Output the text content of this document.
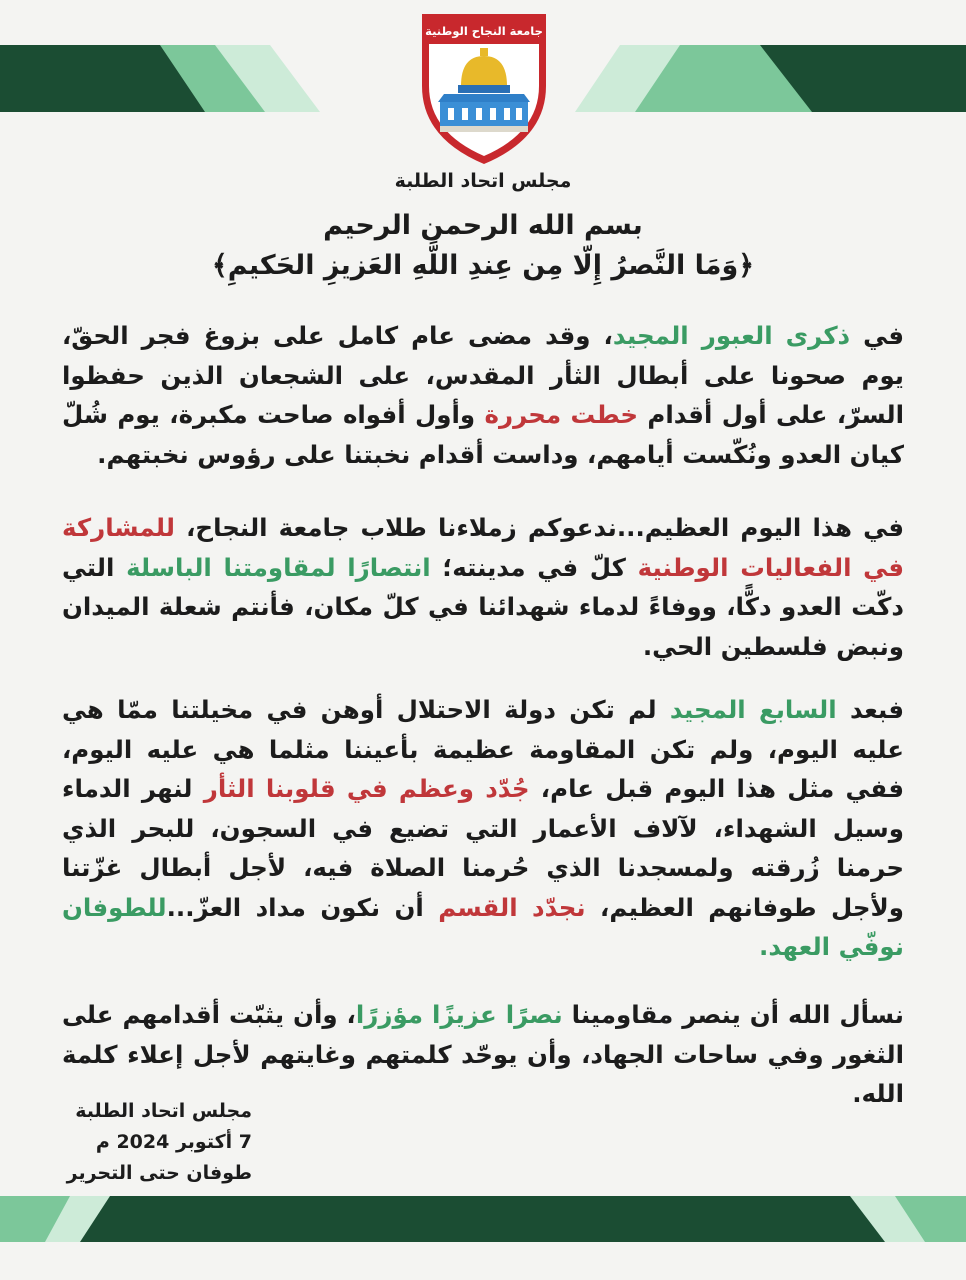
جامعة النجاح الوطنية
مجلس اتحاد الطلبة
بسم الله الرحمن الرحيم
﴿وَمَا النَّصرُ إِلّا مِن عِندِ اللَّهِ العَزيزِ الحَكيمِ﴾
في ذكرى العبور المجيد، وقد مضى عام كامل على بزوغ فجر الحقّ، يوم صحونا على أبطال الثأر المقدس، على الشجعان الذين حفظوا السرّ، على أول أقدام خطت محررة وأول أفواه صاحت مكبرة، يوم شُلّ كيان العدو ونُكّست أيامهم، وداست أقدام نخبتنا على رؤوس نخبتهم.
في هذا اليوم العظيم...ندعوكم زملاءنا طلاب جامعة النجاح، للمشاركة في الفعاليات الوطنية كلّ في مدينته؛ انتصارًا لمقاومتنا الباسلة التي دكّت العدو دكًّا، ووفاءً لدماء شهدائنا في كلّ مكان، فأنتم شعلة الميدان ونبض فلسطين الحي.
فبعد السابع المجيد لم تكن دولة الاحتلال أوهن في مخيلتنا ممّا هي عليه اليوم، ولم تكن المقاومة عظيمة بأعيننا مثلما هي عليه اليوم، ففي مثل هذا اليوم قبل عام، جُدّد وعظم في قلوبنا الثأر لنهر الدماء وسيل الشهداء، لآلاف الأعمار التي تضيع في السجون، للبحر الذي حرمنا زُرقته ولمسجدنا الذي حُرمنا الصلاة فيه، لأجل أبطال غزّتنا ولأجل طوفانهم العظيم، نجدّد القسم أن نكون مداد العزّ...للطوفان نوفّي العهد.
نسأل الله أن ينصر مقاومينا نصرًا عزيزًا مؤزرًا، وأن يثبّت أقدامهم على الثغور وفي ساحات الجهاد، وأن يوحّد كلمتهم وغايتهم لأجل إعلاء كلمة الله.
مجلس اتحاد الطلبة
7 أكتوبر 2024 م
طوفان حتى التحرير
